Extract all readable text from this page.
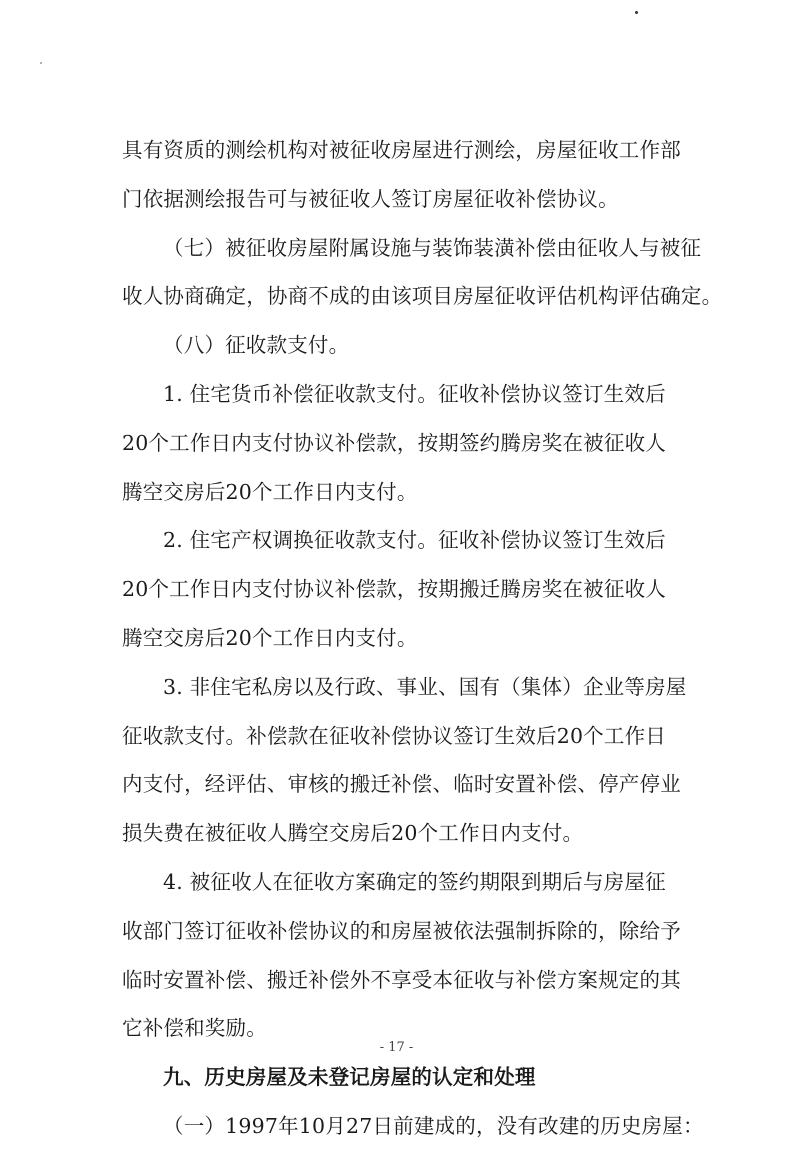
具有资质的测绘机构对被征收房屋进行测绘，房屋征收工作部
门依据测绘报告可与被征收人签订房屋征收补偿协议。
（七）被征收房屋附属设施与装饰装潢补偿由征收人与被征
收人协商确定，协商不成的由该项目房屋征收评估机构评估确定。
（八）征收款支付。
1. 住宅货币补偿征收款支付。征收补偿协议签订生效后
20个工作日内支付协议补偿款，按期签约腾房奖在被征收人
腾空交房后20个工作日内支付。
2. 住宅产权调换征收款支付。征收补偿协议签订生效后
20个工作日内支付协议补偿款，按期搬迁腾房奖在被征收人
腾空交房后20个工作日内支付。
3. 非住宅私房以及行政、事业、国有（集体）企业等房屋
征收款支付。补偿款在征收补偿协议签订生效后20个工作日
内支付，经评估、审核的搬迁补偿、临时安置补偿、停产停业
损失费在被征收人腾空交房后20个工作日内支付。
4. 被征收人在征收方案确定的签约期限到期后与房屋征
收部门签订征收补偿协议的和房屋被依法强制拆除的，除给予
临时安置补偿、搬迁补偿外不享受本征收与补偿方案规定的其
它补偿和奖励。
九、历史房屋及未登记房屋的认定和处理
（一）1997年10月27日前建成的，没有改建的历史房屋：
- 17 -
